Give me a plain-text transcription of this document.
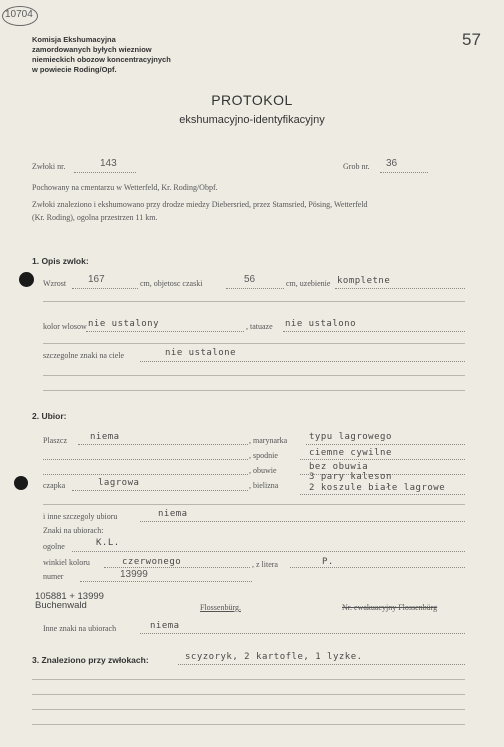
10704
57
Komisja Ekshumacyjna
zamordowanych byłych wiezniow
niemieckich obozow koncentracyjnych
w powiecie Roding/Opf.
PROTOKOL
ekshumacyjno-identyfikacyjny
Zwłoki nr.	143	Grob nr. 36
Pochowany na cmentarzu w Wetterfeld, Kr. Roding/Obpf.
Zwłoki znaleziono i ekshumowano przy drodze miedzy Diebersried, przez Stamsried, Pösing, Wetterfeld
(Kr. Roding), ogolna przestrzen 11 km.
1. Opis zwlok:
Wzrost 167	cm, objetosc czaski	56	cm, uzebienie kompletne
kolor wlosow nie ustalony	, tatuaze nie ustalono
szczegolne znaki na ciele	nie ustalone
2. Ubior:
Plaszcz	niema	, marynarka typu lagrowego
, spodnie	ciemne cywilne
, obuwie	bez obuwia
czapka	lagrowa	, bielizna
3 pary kaleson
2 koszule białe lagrowe
i inne szczegoly ubioru	niema
Znaki na ubiorach:
ogolne	K.L.
winkiel koloru	czerwonego	, z litera	P.
numer	13999
105881 + 13999
Buchenwald	Flossenbürg.	Nr. ewakuacyjny Flossenbürg
Inne znaki na ubiorach	niema
3. Znaleziono przy zwłokach:	scyzoryk, 2 kartofle, 1 lyzke.
